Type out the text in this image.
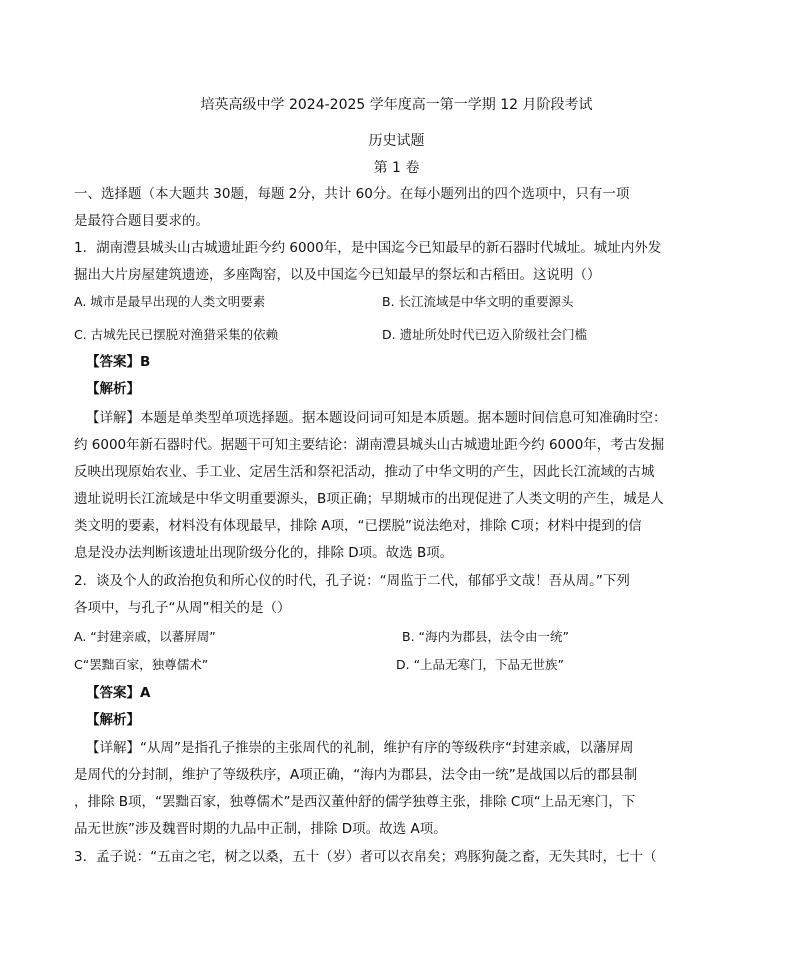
培英高级中学 2024-2025 学年度高一第一学期 12 月阶段考试
历史试题
第 1 卷
一、选择题（本大题共 30题，每题 2分，共计 60分。在每小题列出的四个选项中，只有一项
是最符合题目要求的。
1．湖南澧县城头山古城遗址距今约 6000年，是中国迄今已知最早的新石器时代城址。城址内外发
掘出大片房屋建筑遗迹，多座陶窑，以及中国迄今已知最早的祭坛和古稻田。这说明（）
A. 城市是最早出现的人类文明要素	B. 长江流域是中华文明的重要源头
C. 古城先民已摆脱对渔猎采集的依赖	D. 遗址所处时代已迈入阶级社会门槛
【答案】B
【解析】
【详解】本题是单类型单项选择题。据本题设问词可知是本质题。据本题时间信息可知准确时空：
约 6000年新石器时代。据题干可知主要结论：湖南澧县城头山古城遗址距今约 6000年，考古发掘
反映出现原始农业、手工业、定居生活和祭祀活动，推动了中华文明的产生，因此长江流域的古城
遗址说明长江流域是中华文明重要源头，B项正确；早期城市的出现促进了人类文明的产生，城是人
类文明的要素，材料没有体现最早，排除 A项，“已摆脱”说法绝对，排除 C项；材料中提到的信
息是没办法判断该遗址出现阶级分化的，排除 D项。故选 B项。
2．谈及个人的政治抱负和所心仪的时代，孔子说：“周监于二代，郁郁乎文哉！吾从周。”下列
各项中，与孔子“从周”相关的是（）
A. “封建亲戚，以蕃屏周”	B. “海内为郡县，法令由一统”
C“罢黜百家，独尊儒术”	D. “上品无寒门，下品无世族”
【答案】A
【解析】
【详解】“从周”是指孔子推崇的主张周代的礼制，维护有序的等级秩序“封建亲戚，以藩屏周
是周代的分封制，维护了等级秩序，A项正确，“海内为郡县，法令由一统”是战国以后的郡县制
，排除 B项，“罢黜百家，独尊儒术”是西汉董仲舒的儒学独尊主张，排除 C项“上品无寒门，下
品无世族”涉及魏晋时期的九品中正制，排除 D项。故选 A项。
3．孟子说：“五亩之宅，树之以桑，五十（岁）者可以衣帛矣；鸡豚狗彘之畜，无失其时，七十（
